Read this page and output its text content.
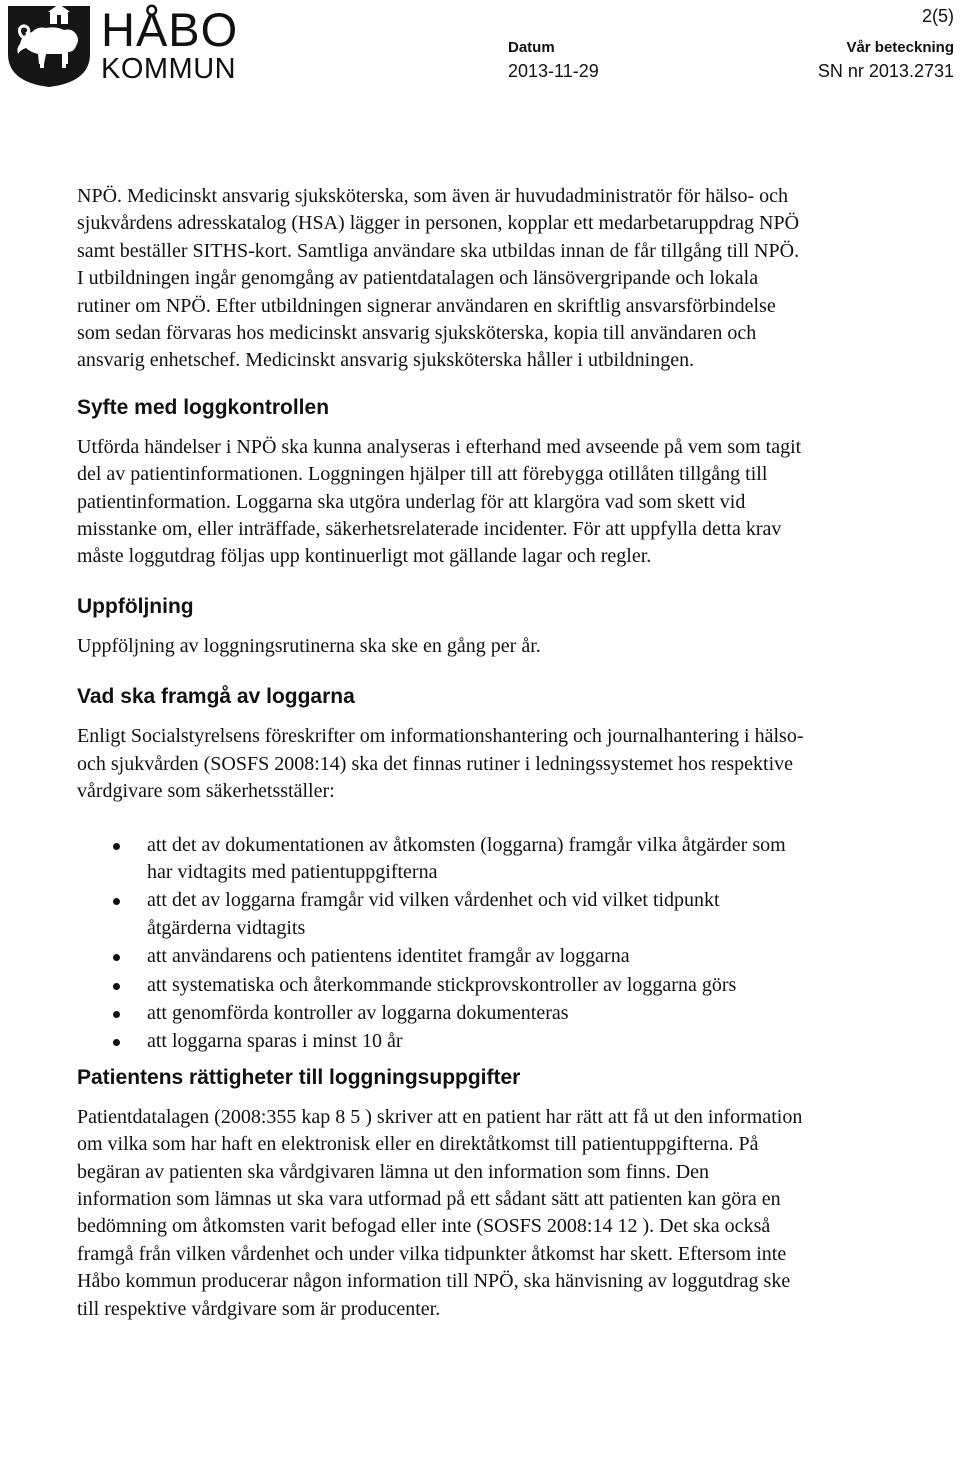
HÅBO
KOMMUN
2(5)
Datum
2013-11-29
Vår beteckning
SN nr 2013.2731

NPÖ. Medicinskt ansvarig sjuksköterska, som även är huvudadministratör för hälso- och sjukvårdens adresskatalog (HSA) lägger in personen, kopplar ett medarbetaruppdrag NPÖ samt beställer SITHS-kort. Samtliga användare ska utbildas innan de får tillgång till NPÖ. I utbildningen ingår genomgång av patientdatalagen och länsövergripande och lokala rutiner om NPÖ. Efter utbildningen signerar användaren en skriftlig ansvarsförbindelse som sedan förvaras hos medicinskt ansvarig sjuksköterska, kopia till användaren och ansvarig enhetschef. Medicinskt ansvarig sjuksköterska håller i utbildningen.

Syfte med loggkontrollen

Utförda händelser i NPÖ ska kunna analyseras i efterhand med avseende på vem som tagit del av patientinformationen. Loggningen hjälper till att förebygga otillåten tillgång till patientinformation. Loggarna ska utgöra underlag för att klargöra vad som skett vid misstanke om, eller inträffade, säkerhetsrelaterade incidenter. För att uppfylla detta krav måste loggutdrag följas upp kontinuerligt mot gällande lagar och regler.

Uppföljning

Uppföljning av loggningsrutinerna ska ske en gång per år.

Vad ska framgå av loggarna

Enligt Socialstyrelsens föreskrifter om informationshantering och journalhantering i hälso- och sjukvården (SOSFS 2008:14) ska det finnas rutiner i ledningssystemet hos respektive vårdgivare som säkerhetsställer:

att det av dokumentationen av åtkomsten (loggarna) framgår vilka åtgärder som har vidtagits med patientuppgifterna
att det av loggarna framgår vid vilken vårdenhet och vid vilket tidpunkt åtgärderna vidtagits
att användarens och patientens identitet framgår av loggarna
att systematiska och återkommande stickprovskontroller av loggarna görs
att genomförda kontroller av loggarna dokumenteras
att loggarna sparas i minst 10 år
Patientens rättigheter till loggningsuppgifter

Patientdatalagen (2008:355 kap 8 5 ) skriver att en patient har rätt att få ut den information om vilka som har haft en elektronisk eller en direktåtkomst till patientuppgifterna. På begäran av patienten ska vårdgivaren lämna ut den information som finns. Den information som lämnas ut ska vara utformad på ett sådant sätt att patienten kan göra en bedömning om åtkomsten varit befogad eller inte (SOSFS 2008:14 12 ). Det ska också framgå från vilken vårdenhet och under vilka tidpunkter åtkomst har skett. Eftersom inte Håbo kommun producerar någon information till NPÖ, ska hänvisning av loggutdrag ske till respektive vårdgivare som är producenter.
